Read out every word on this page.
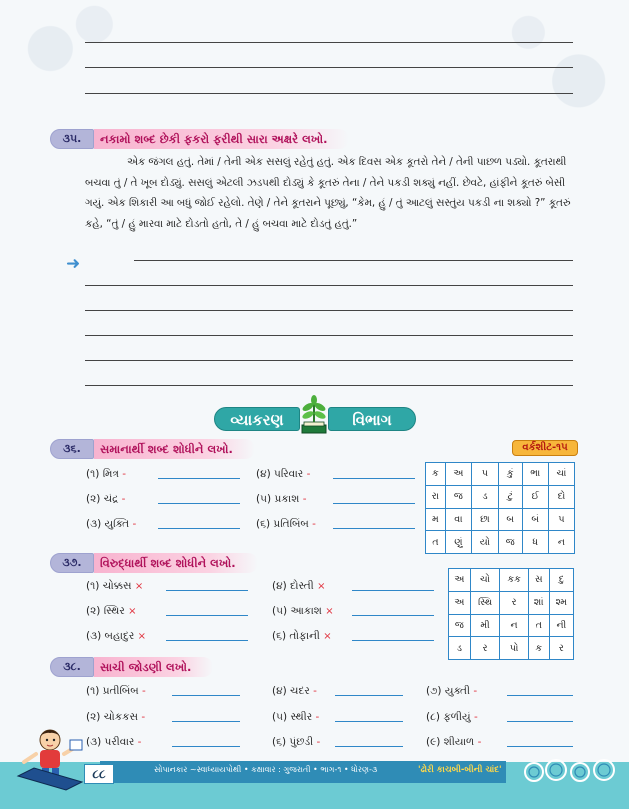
૩૫.	નકામો શબ્દ છેકી ફકરો ફરીથી સારા અક્ષરે લખો.
એક જંગલ હતું. તેમાં / તેની એક સસલું રહેતું હતું. એક દિવસ એક કૂતરો તેને / તેની પાછળ પડ્યો. કૂતરાથી બચવા તું / તે ખૂબ દોડ્યું. સસલું એટલી ઝડપથી દોડ્યું કે કૂતરું તેના / તેને પકડી શક્યું નહીં. છેવટે, હાંફીને કૂતરું બેસી ગયું. એક શિકારી આ બધું જોઈ રહેલો. તેણે / તેને કૂતરાને પૂછ્યું, “કેમ, હું / તું આટલું સસ્તુંય પકડી ના શક્યો ?” કૂતરું કહે, “તું / હું મારવા માટે દોડતો હતો, તે / હું બચવા માટે દોડતું હતું.”
➜
વ્યાકરણ	વિભાગ
૩૬.	સમાનાર્થી શબ્દ શોધીને લખો.	વર્કશીટ-૧૫
(૧) મિત્ર -
(૨) ચંદ્ર -
(૩) યુક્તિ -
(૪) પરિવાર -
(૫) પ્રકાશ -
(૬) પ્રતિબિંબ -
ક	અ	પ	કું	ભા	ચાં
રા	જ	ડ	ટું	ઈ	દો
મ	વા	છા	બ	બં	પ
ત	ણું	યો	જ	ધ	ન
૩૭.	વિરુદ્ધાર્થી શબ્દ શોધીને લખો.
(૧) ચોક્કસ ×
(૨) સ્થિર ×
(૩) બહાદુર ×
(૪) દોસ્તી ×
(૫) આકાશ ×
(૬) તોફાની ×
અ	ચો	કક	સ	દુ
અ	સ્થિ	ર	શાં	શ્મ
જ	મી	ન	ત	ની
ડ	ર	પો	ક	ર
૩૮.	સાચી જોડણી લખો.
(૧) પ્રતીબિંબ -
(૨) ચોકકસ -
(૩) પરીવાર -
(૪) ચદર -
(૫) સ્થીર -
(૬) પુંછડી -
(૭) યુક્તી -
(૮) ફળીયું -
(૯) શીયાળ -
સોપાનકાર ~સ્વાધ્યાયપોથી • કક્ષાવાર : ગુજરાતી • ભાગ-૧ • ધોરણ-૩	'ઢોરી કાચબી-બીની ચાંદ'
૮૮
